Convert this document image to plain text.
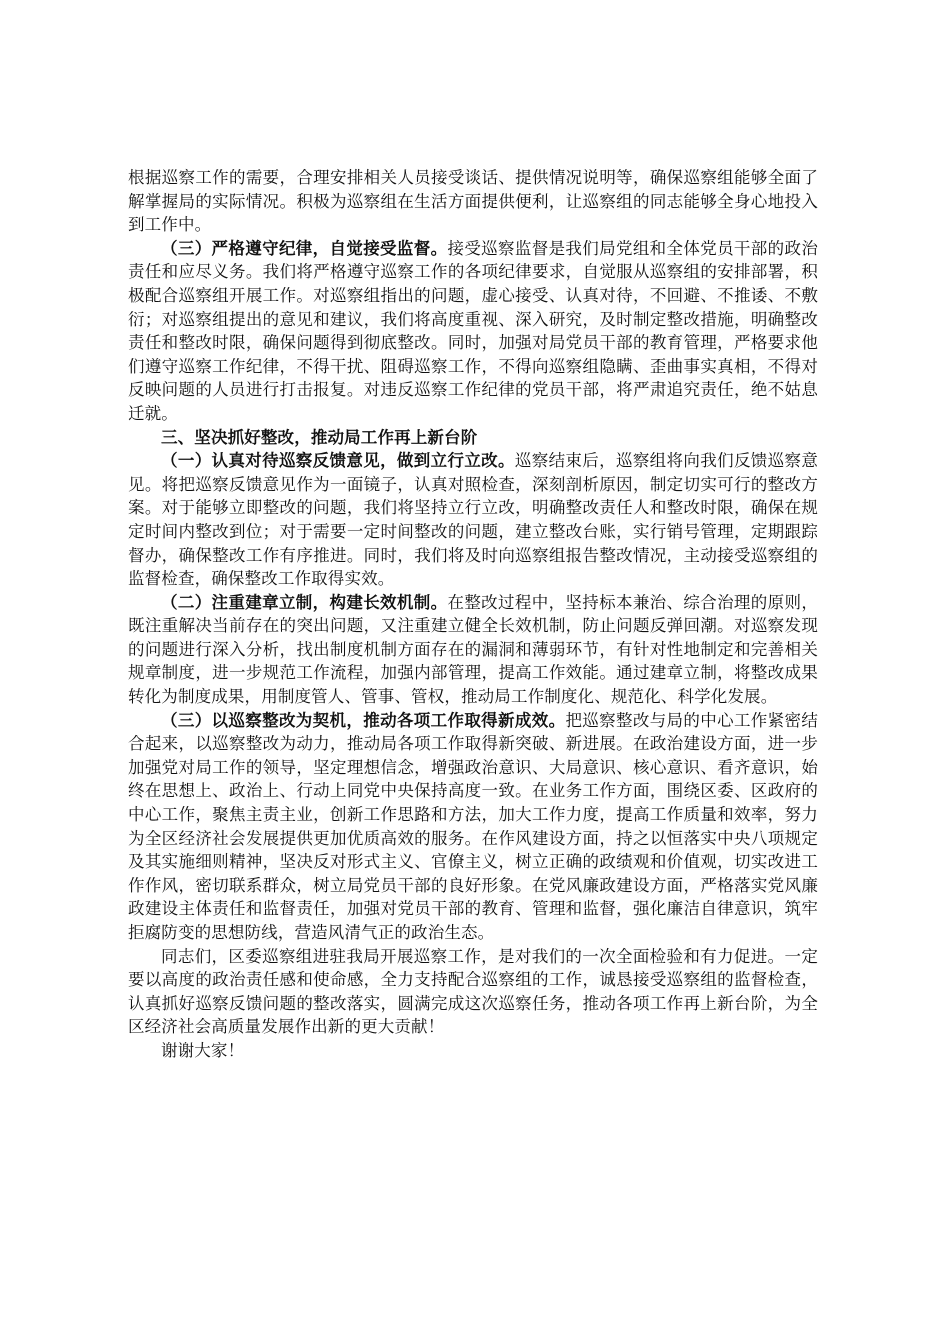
根据巡察工作的需要，合理安排相关人员接受谈话、提供情况说明等，确保巡察组能够全面了解掌握局的实际情况。积极为巡察组在生活方面提供便利，让巡察组的同志能够全身心地投入到工作中。

（三）严格遵守纪律，自觉接受监督。接受巡察监督是我们局党组和全体党员干部的政治责任和应尽义务。我们将严格遵守巡察工作的各项纪律要求，自觉服从巡察组的安排部署，积极配合巡察组开展工作。对巡察组指出的问题，虚心接受、认真对待，不回避、不推诿、不敷衍；对巡察组提出的意见和建议，我们将高度重视、深入研究，及时制定整改措施，明确整改责任和整改时限，确保问题得到彻底整改。同时，加强对局党员干部的教育管理，严格要求他们遵守巡察工作纪律，不得干扰、阻碍巡察工作，不得向巡察组隐瞒、歪曲事实真相，不得对反映问题的人员进行打击报复。对违反巡察工作纪律的党员干部，将严肃追究责任，绝不姑息迁就。

三、坚决抓好整改，推动局工作再上新台阶

（一）认真对待巡察反馈意见，做到立行立改。巡察结束后，巡察组将向我们反馈巡察意见。将把巡察反馈意见作为一面镜子，认真对照检查，深刻剖析原因，制定切实可行的整改方案。对于能够立即整改的问题，我们将坚持立行立改，明确整改责任人和整改时限，确保在规定时间内整改到位；对于需要一定时间整改的问题，建立整改台账，实行销号管理，定期跟踪督办，确保整改工作有序推进。同时，我们将及时向巡察组报告整改情况，主动接受巡察组的监督检查，确保整改工作取得实效。

（二）注重建章立制，构建长效机制。在整改过程中，坚持标本兼治、综合治理的原则，既注重解决当前存在的突出问题，又注重建立健全长效机制，防止问题反弹回潮。对巡察发现的问题进行深入分析，找出制度机制方面存在的漏洞和薄弱环节，有针对性地制定和完善相关规章制度，进一步规范工作流程，加强内部管理，提高工作效能。通过建章立制，将整改成果转化为制度成果，用制度管人、管事、管权，推动局工作制度化、规范化、科学化发展。

（三）以巡察整改为契机，推动各项工作取得新成效。把巡察整改与局的中心工作紧密结合起来，以巡察整改为动力，推动局各项工作取得新突破、新进展。在政治建设方面，进一步加强党对局工作的领导，坚定理想信念，增强政治意识、大局意识、核心意识、看齐意识，始终在思想上、政治上、行动上同党中央保持高度一致。在业务工作方面，围绕区委、区政府的中心工作，聚焦主责主业，创新工作思路和方法，加大工作力度，提高工作质量和效率，努力为全区经济社会发展提供更加优质高效的服务。在作风建设方面，持之以恒落实中央八项规定及其实施细则精神，坚决反对形式主义、官僚主义，树立正确的政绩观和价值观，切实改进工作作风，密切联系群众，树立局党员干部的良好形象。在党风廉政建设方面，严格落实党风廉政建设主体责任和监督责任，加强对党员干部的教育、管理和监督，强化廉洁自律意识，筑牢拒腐防变的思想防线，营造风清气正的政治生态。

同志们，区委巡察组进驻我局开展巡察工作，是对我们的一次全面检验和有力促进。一定要以高度的政治责任感和使命感，全力支持配合巡察组的工作，诚恳接受巡察组的监督检查，认真抓好巡察反馈问题的整改落实，圆满完成这次巡察任务，推动各项工作再上新台阶，为全区经济社会高质量发展作出新的更大贡献！

谢谢大家！
